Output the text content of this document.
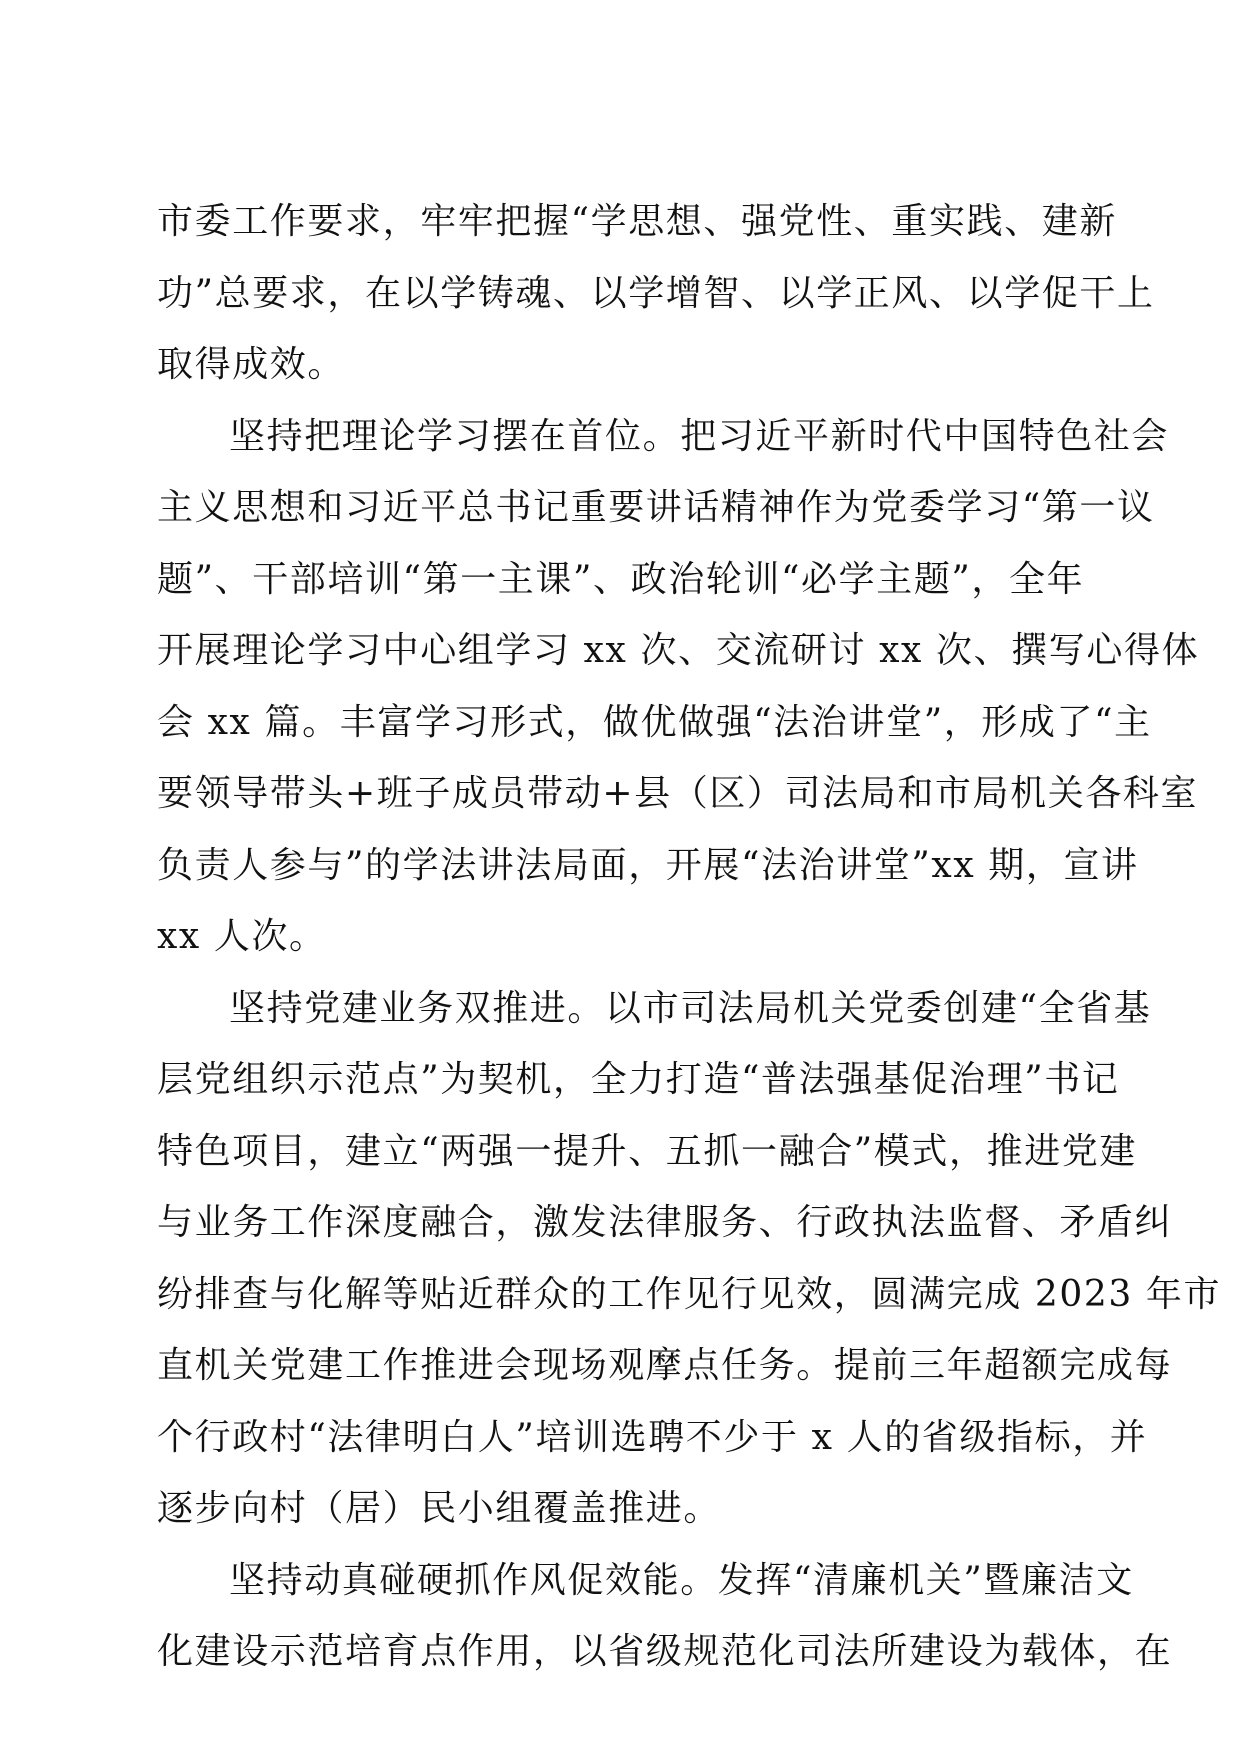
市委工作要求，牢牢把握“学思想、强党性、重实践、建新
功”总要求，在以学铸魂、以学增智、以学正风、以学促干上
取得成效。
坚持把理论学习摆在首位。把习近平新时代中国特色社会
主义思想和习近平总书记重要讲话精神作为党委学习“第一议
题”、干部培训“第一主课”、政治轮训“必学主题”，全年
开展理论学习中心组学习 xx 次、交流研讨 xx 次、撰写心得体
会 xx 篇。丰富学习形式，做优做强“法治讲堂”，形成了“主
要领导带头+班子成员带动+县（区）司法局和市局机关各科室
负责人参与”的学法讲法局面，开展“法治讲堂”xx 期，宣讲
xx 人次。
坚持党建业务双推进。以市司法局机关党委创建“全省基
层党组织示范点”为契机，全力打造“普法强基促治理”书记
特色项目，建立“两强一提升、五抓一融合”模式，推进党建
与业务工作深度融合，激发法律服务、行政执法监督、矛盾纠
纷排查与化解等贴近群众的工作见行见效，圆满完成 2023 年市
直机关党建工作推进会现场观摩点任务。提前三年超额完成每
个行政村“法律明白人”培训选聘不少于 x 人的省级指标，并
逐步向村（居）民小组覆盖推进。
坚持动真碰硬抓作风促效能。发挥“清廉机关”暨廉洁文
化建设示范培育点作用，以省级规范化司法所建设为载体，在
